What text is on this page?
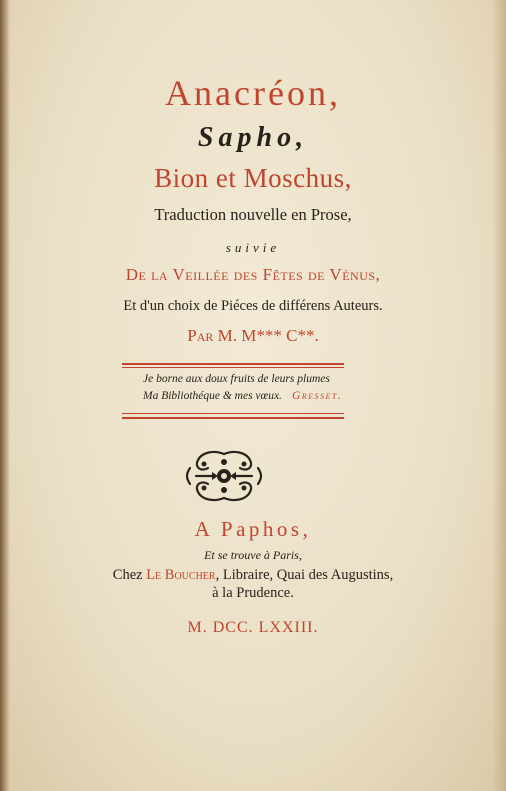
Anacréon,
Sapho,
Bion et Moschus,
Traduction nouvelle en Prose,
suivie
De la Veillée des Fêtes de Vénus,
Et d'un choix de Piéces de différens Auteurs.
Par M. M*** C**.
Je borne aux doux fruits de leurs plumes
Ma Bibliothéque & mes vœux. Gresset.
A Paphos,
Et se trouve à Paris,
Chez Le Boucher, Libraire, Quai des Augustins,
à la Prudence.
M. DCC. LXXIII.
